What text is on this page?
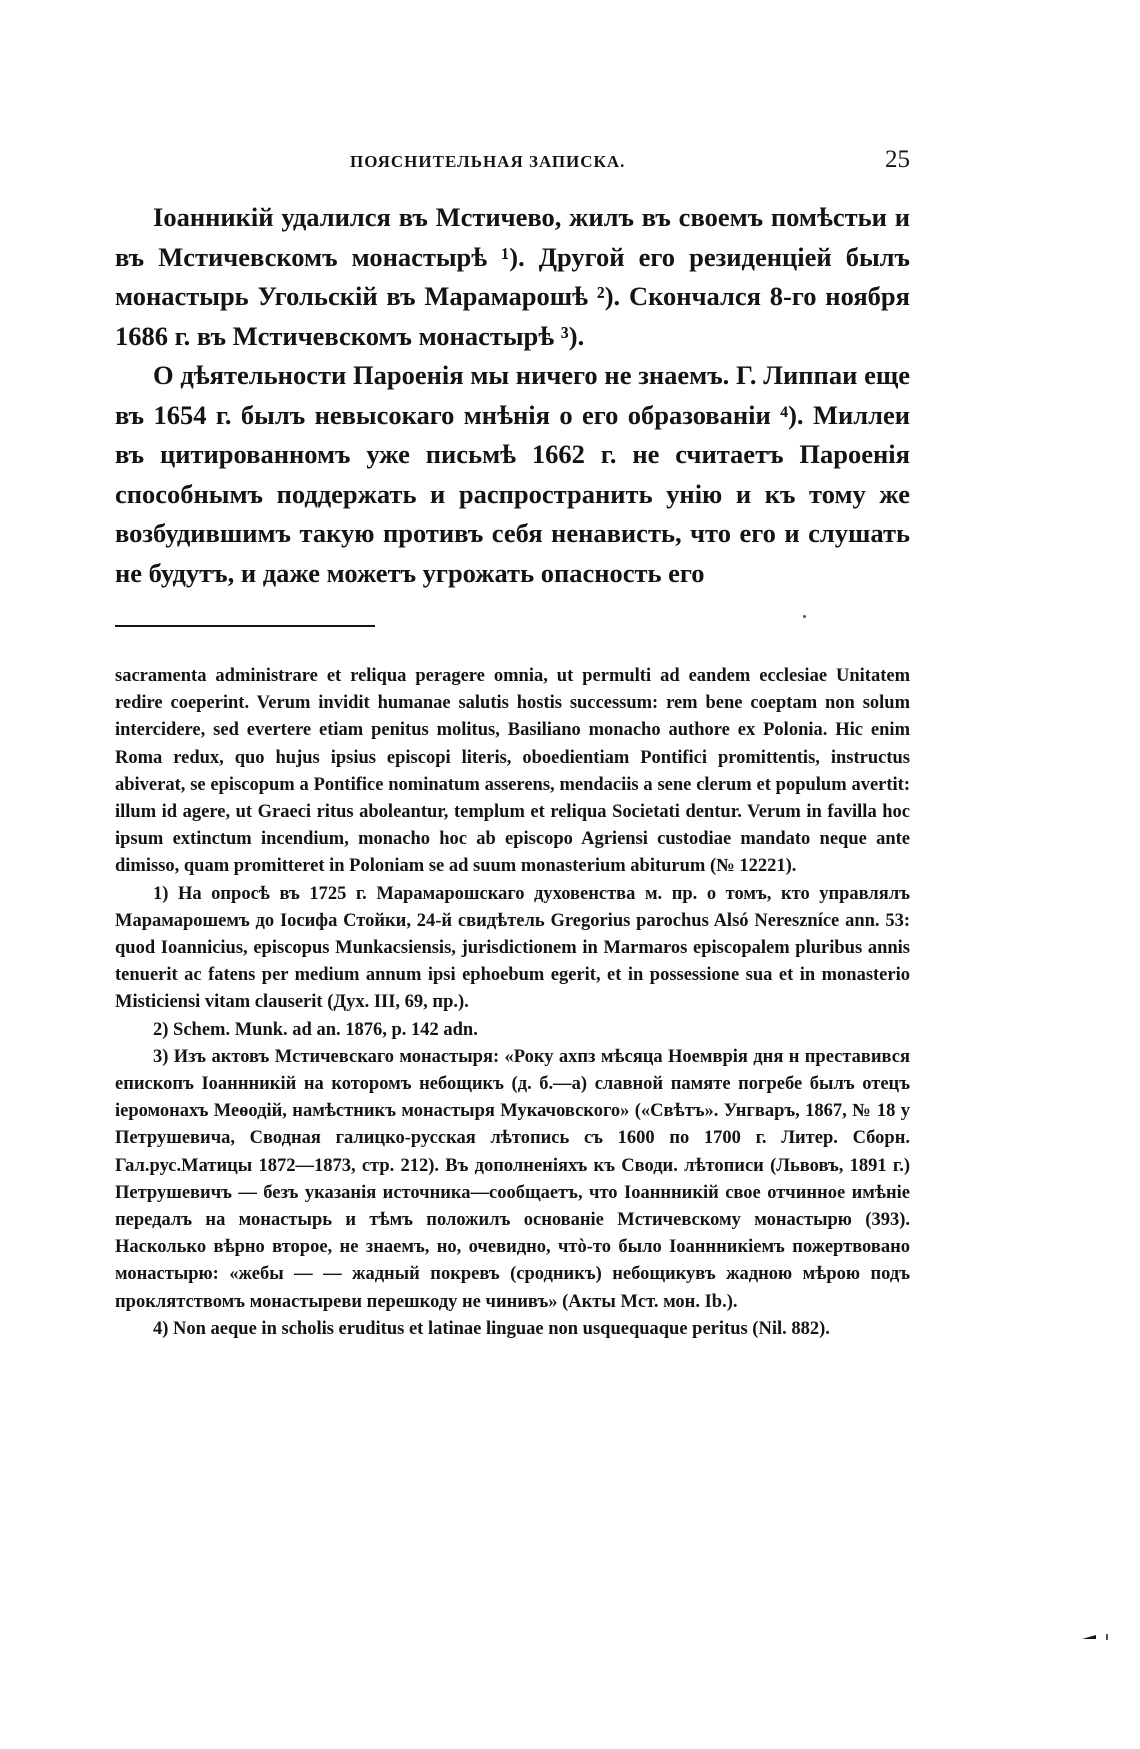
ПОЯСНИТЕЛЬНАЯ ЗАПИСКА.	25

Іоанникій удалился въ Мстичево, жилъ въ своемъ помѣстьи и въ Мстичевскомъ монастырѣ ¹). Другой его резиденціей былъ монастырь Угольскій въ Марамарошѣ ²). Скончался 8-го ноября 1686 г. въ Мстичевскомъ монастырѣ ³).

О дѣятельности Пароенія мы ничего не знаемъ. Г. Липпаи еще въ 1654 г. былъ невысокаго мнѣнія о его образованіи ⁴). Миллеи въ цитированномъ уже письмѣ 1662 г. не считаетъ Пароенія способнымъ поддержать и распространить унію и къ тому же возбудившимъ такую противъ себя ненависть, что его и слушать не будутъ, и даже можетъ угрожать опасность его

sacramenta administrare et reliqua peragere omnia, ut permulti ad eandem ecclesiae Unitatem redire coeperint. Verum invidit humanae salutis hostis successum: rem bene coeptam non solum intercidere, sed evertere etiam penitus molitus, Basiliano monacho authore ex Polonia. Hic enim Roma redux, quo hujus ipsius episcopi literis, oboedientiam Pontifici promittentis, instructus abiverat, se episcopum a Pontifice nominatum asserens, mendaciis a sene clerum et populum avertit: illum id agere, ut Graeci ritus aboleantur, templum et reliqua Societati dentur. Verum in favilla hoc ipsum extinctum incendium, monacho hoc ab episcopo Agriensi custodiae mandato neque ante dimisso, quam promitteret in Poloniam se ad suum monasterium abiturum (№ 12221).

1) На опросѣ въ 1725 г. Марамарошскаго духовенства м. пр. о томъ, кто управлялъ Марамарошемъ до Іосифа Стойки, 24-й свидѣтель Gregorius parochus Alsó Nereszníce ann. 53: quod Ioannicius, episcopus Munkacsiensis, jurisdictionem in Marmaros episcopalem pluribus annis tenuerit ac fatens per medium annum ipsi ephoebum egerit, et in possessione sua et in monasterio Misticiensi vitam clauserit (Дух. III, 69, пр.).

2) Schem. Munk. ad an. 1876, p. 142 adn.

3) Изъ актовъ Мстичевскаго монастыря: «Року ахпз мѣсяца Ноемврія дня н преставився епископъ Іоаннникій на которомъ небощикъ (д. б.—а) славной памяте погребе былъ отецъ іеромонахъ Меѳодій, намѣстникъ монастыря Мукачовского» («Свѣтъ». Унгваръ, 1867, № 18 у Петрушевича, Сводная галицко-русская лѣтопись съ 1600 по 1700 г. Литер. Сборн. Гал.рус.Матицы 1872—1873, стр. 212). Въ дополненіяхъ къ Своди. лѣтописи (Львовъ, 1891 г.) Петрушевичъ — безъ указанія источника—сообщаетъ, что Іоаннникій свое отчинное имѣніе передалъ на монастырь и тѣмъ положилъ основаніе Мстичевскому монастырю (393). Насколько вѣрно второе, не знаемъ, но, очевидно, чтò-то было Іоаннникіемъ пожертвовано монастырю: «жебы — — жадный покревъ (сродникъ) небощикувъ жадною мѣрою подъ проклятствомъ монастыреви перешкоду не чинивъ» (Акты Мст. мон. Ib.).

4) Non aeque in scholis eruditus et latinae linguae non usquequaque peritus (Nil. 882).
